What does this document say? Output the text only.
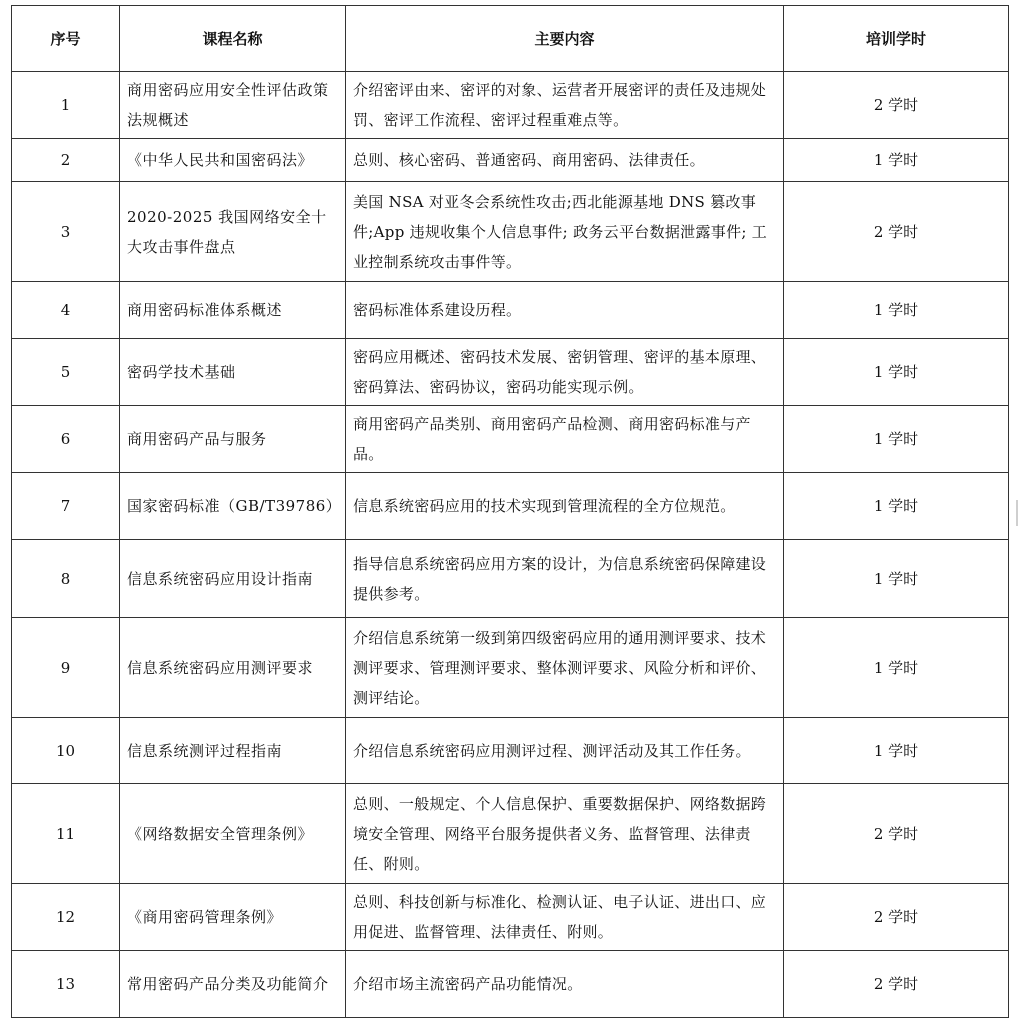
序号	课程名称	主要内容	培训学时
1	商用密码应用安全性评估政策法规概述	介绍密评由来、密评的对象、运营者开展密评的责任及违规处罚、密评工作流程、密评过程重难点等。	2 学时
2	《中华人民共和国密码法》	总则、核心密码、普通密码、商用密码、法律责任。	1 学时
3	2020-2025 我国网络安全十大攻击事件盘点	美国 NSA 对亚冬会系统性攻击;西北能源基地 DNS 篡改事件;App 违规收集个人信息事件; 政务云平台数据泄露事件; 工业控制系统攻击事件等。	2 学时
4	商用密码标准体系概述	密码标准体系建设历程。	1 学时
5	密码学技术基础	密码应用概述、密码技术发展、密钥管理、密评的基本原理、密码算法、密码协议，密码功能实现示例。	1 学时
6	商用密码产品与服务	商用密码产品类别、商用密码产品检测、商用密码标准与产品。	1 学时
7	国家密码标准（GB/T39786）	信息系统密码应用的技术实现到管理流程的全方位规范。	1 学时
8	信息系统密码应用设计指南	指导信息系统密码应用方案的设计，为信息系统密码保障建设提供参考。	1 学时
9	信息系统密码应用测评要求	介绍信息系统第一级到第四级密码应用的通用测评要求、技术测评要求、管理测评要求、整体测评要求、风险分析和评价、测评结论。	1 学时
10	信息系统测评过程指南	介绍信息系统密码应用测评过程、测评活动及其工作任务。	1 学时
11	《网络数据安全管理条例》	总则、一般规定、个人信息保护、重要数据保护、网络数据跨境安全管理、网络平台服务提供者义务、监督管理、法律责任、附则。	2 学时
12	《商用密码管理条例》	总则、科技创新与标准化、检测认证、电子认证、进出口、应用促进、监督管理、法律责任、附则。	2 学时
13	常用密码产品分类及功能简介	介绍市场主流密码产品功能情况。	2 学时
